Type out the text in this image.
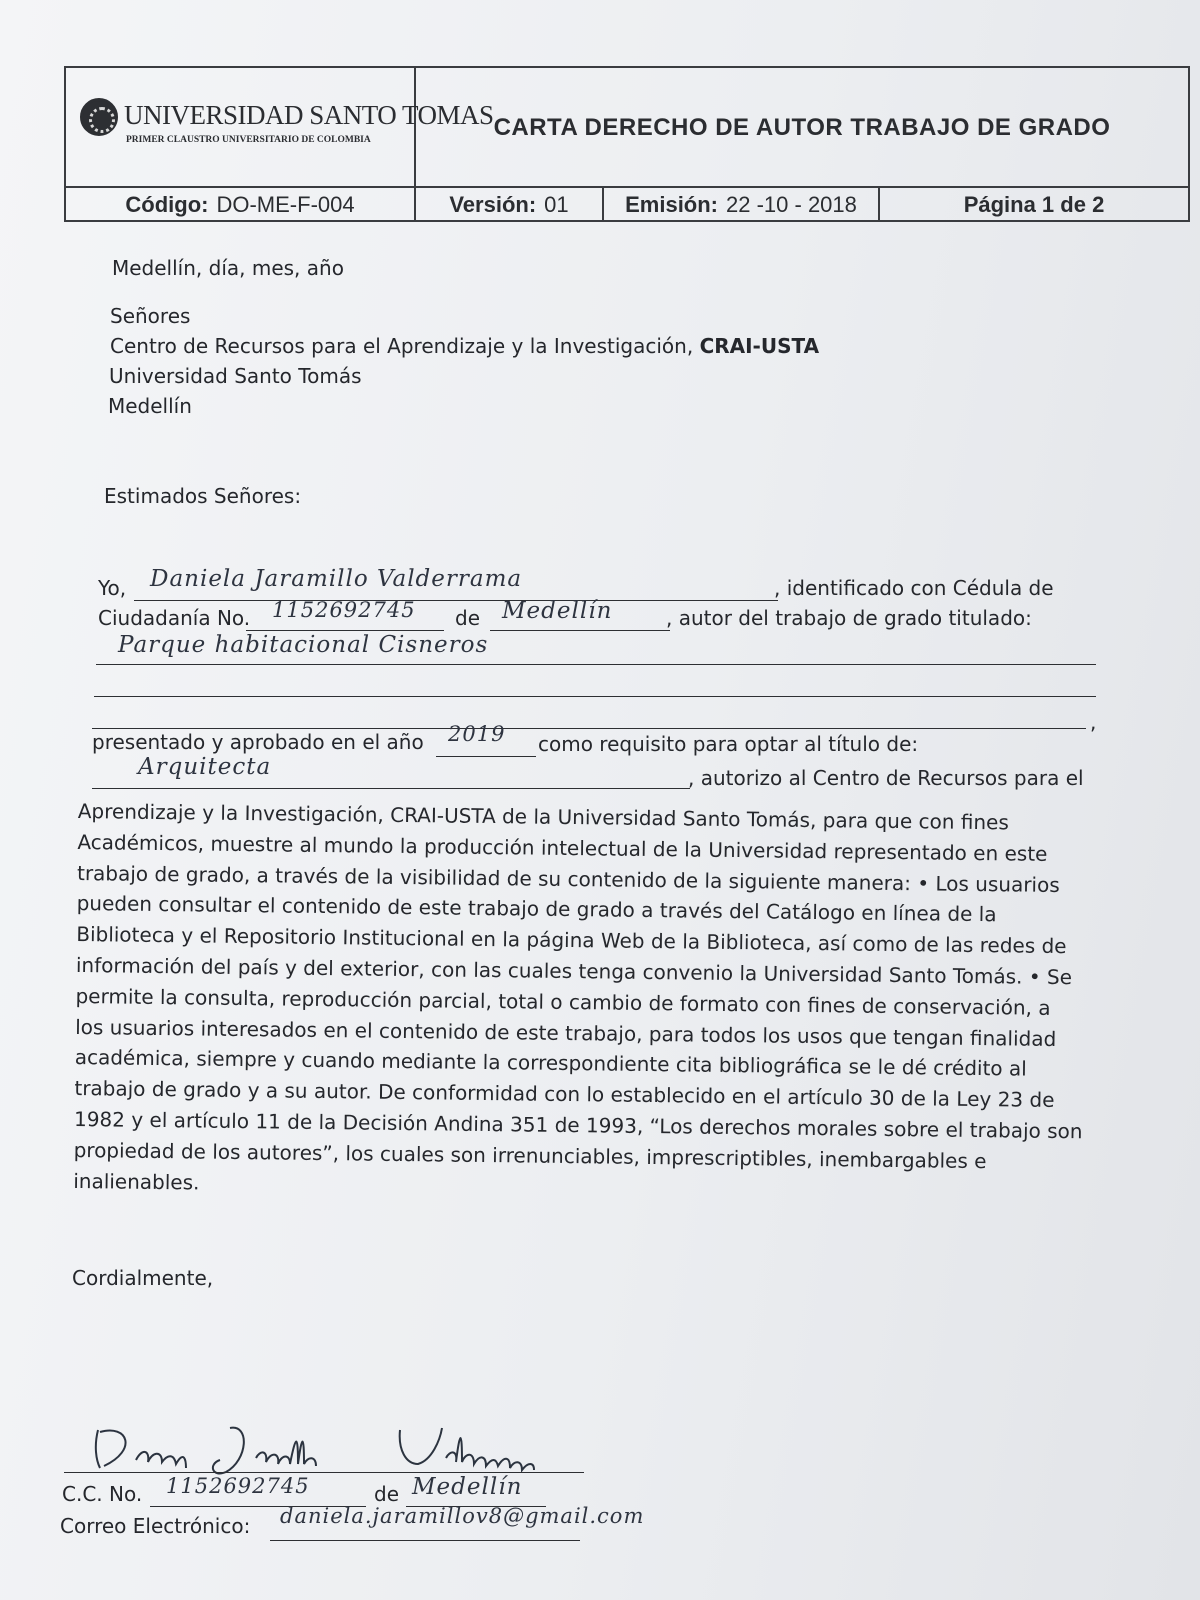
UNIVERSIDAD SANTO TOMAS
PRIMER CLAUSTRO UNIVERSITARIO DE COLOMBIA	CARTA DERECHO DE AUTOR TRABAJO DE GRADO
Código: DO-ME-F-004	Versión: 01	Emisión: 22 -10 - 2018	Página 1 de 2
Medellín, día, mes, año
Señores
Centro de Recursos para el Aprendizaje y la Investigación, CRAI-USTA
Universidad Santo Tomás
Medellín
Estimados Señores:
Yo, Daniela Jaramillo Valderrama	, identificado con Cédula de
Ciudadanía No. 1152692745 de Medellín	, autor del trabajo de grado titulado:
Parque habitacional Cisneros
,
presentado y aprobado en el año 2019 como requisito para optar al título de:
Arquitecta	, autorizo al Centro de Recursos para el
Aprendizaje y la Investigación, CRAI-USTA de la Universidad Santo Tomás, para que con fines
Académicos, muestre al mundo la producción intelectual de la Universidad representado en este
trabajo de grado, a través de la visibilidad de su contenido de la siguiente manera: • Los usuarios
pueden consultar el contenido de este trabajo de grado a través del Catálogo en línea de la
Biblioteca y el Repositorio Institucional en la página Web de la Biblioteca, así como de las redes de
información del país y del exterior, con las cuales tenga convenio la Universidad Santo Tomás. • Se
permite la consulta, reproducción parcial, total o cambio de formato con fines de conservación, a
los usuarios interesados en el contenido de este trabajo, para todos los usos que tengan finalidad
académica, siempre y cuando mediante la correspondiente cita bibliográfica se le dé crédito al
trabajo de grado y a su autor. De conformidad con lo establecido en el artículo 30 de la Ley 23 de
1982 y el artículo 11 de la Decisión Andina 351 de 1993, “Los derechos morales sobre el trabajo son
propiedad de los autores”, los cuales son irrenunciables, imprescriptibles, inembargables e
inalienables.
Cordialmente,
C.C. No. 1152692745	de Medellín
Correo Electrónico: daniela.jaramillov8@gmail.com
